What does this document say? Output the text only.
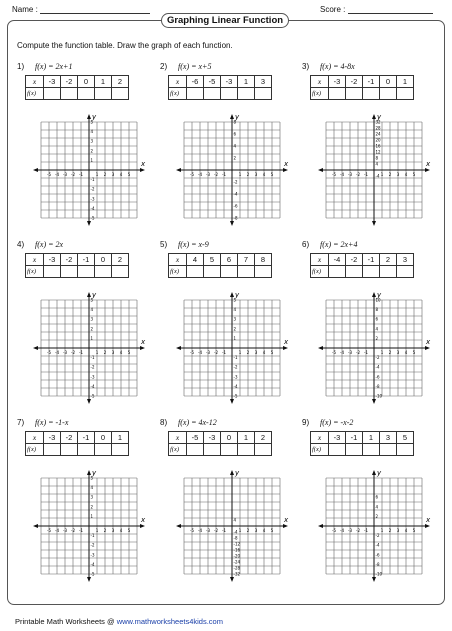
Name :	Score :
Graphing Linear Function
Compute the function table. Draw the graph of each function.
1) f(x) = 2x+1
x	-3	-2	0	1	2
f(x)					
x
y
-5 -4 -3 -2 -1	1 2 3 4 5
5
4
3
2
1
-1
-2
-3
-4
-5
2) f(x) = x+5
x	-6	-5	-3	1	3
f(x)					
x
y
-5 -4 -3 -2 -1	1 2 3 4 5
8
6
4
2
-2
-4
-6
-8
3) f(x) = 4-8x
x	-3	-2	-1	0	1
f(x)					
x
y
-5 -4 -3 -2 -1	1 2 3 4 5
32
28
24
20
16
12
8
4
-4
4) f(x) = 2x
x	-3	-2	-1	0	2
f(x)					
x
y
-5 -4 -3 -2 -1	1 2 3 4 5
5
4
3
2
1
-1
-2
-3
-4
-5
5) f(x) = x-9
x	4	5	6	7	8
f(x)					
x
y
-5 -4 -3 -2 -1	1 2 3 4 5
5
4
3
2
1
-1
-2
-3
-4
-5
6) f(x) = 2x+4
x	-4	-2	-1	2	3
f(x)					
x
y
-5 -4 -3 -2 -1	1 2 3 4 5
10
8
6
4
2
-2
-4
-6
-8
-10
7) f(x) = -1-x
x	-3	-2	-1	0	1
f(x)					
x
y
-5 -4 -3 -2 -1	1 2 3 4 5
5
4
3
2
1
-1
-2
-3
-4
-5
8) f(x) = 4x-12
x	-5	-3	0	1	2
f(x)					
x
y
-5 -4 -3 -2 -1	1 2 3 4 5
4
-4
-8
-12
-16
-20
-24
-28
-32
9) f(x) = -x-2
x	-3	-1	1	3	5
f(x)					
x
y
-5 -4 -3 -2 -1	1 2 3 4 5
6
4
2
-2
-4
-6
-8
-10
Printable Math Worksheets @ www.mathworksheets4kids.com
